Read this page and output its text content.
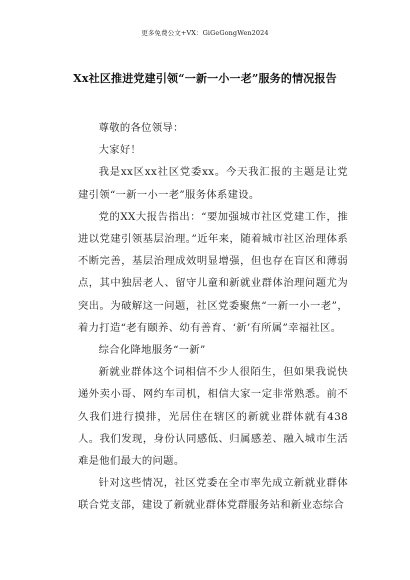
更多免费公文+VX：GiGeGongWen2024
Xx社区推进党建引领“一新一小一老”服务的情况报告

尊敬的各位领导：

大家好！

我是xx区xx社区党委xx。今天我汇报的主题是让党建引领“一新一小一老”服务体系建设。

党的XX大报告指出：“要加强城市社区党建工作，推进以党建引领基层治理。”近年来，随着城市社区治理体系不断完善，基层治理成效明显增强，但也存在盲区和薄弱点，其中独居老人、留守儿童和新就业群体治理问题尤为突出。为破解这一问题，社区党委聚焦“一新一小一老”，着力打造“老有颐养、幼有善育、‘新’有所属”幸福社区。

综合化降地服务“一新”

新就业群体这个词相信不少人很陌生，但如果我说快递外卖小哥、网约车司机，相信大家一定非常熟悉。前不久我们进行摸排，光居住在辖区的新就业群体就有438人。我们发现，身份认同感低、归属感差、融入城市生活难是他们最大的问题。

针对这些情况，社区党委在全市率先成立新就业群体联合党支部，建设了新就业群体党群服务站和新业态综合
